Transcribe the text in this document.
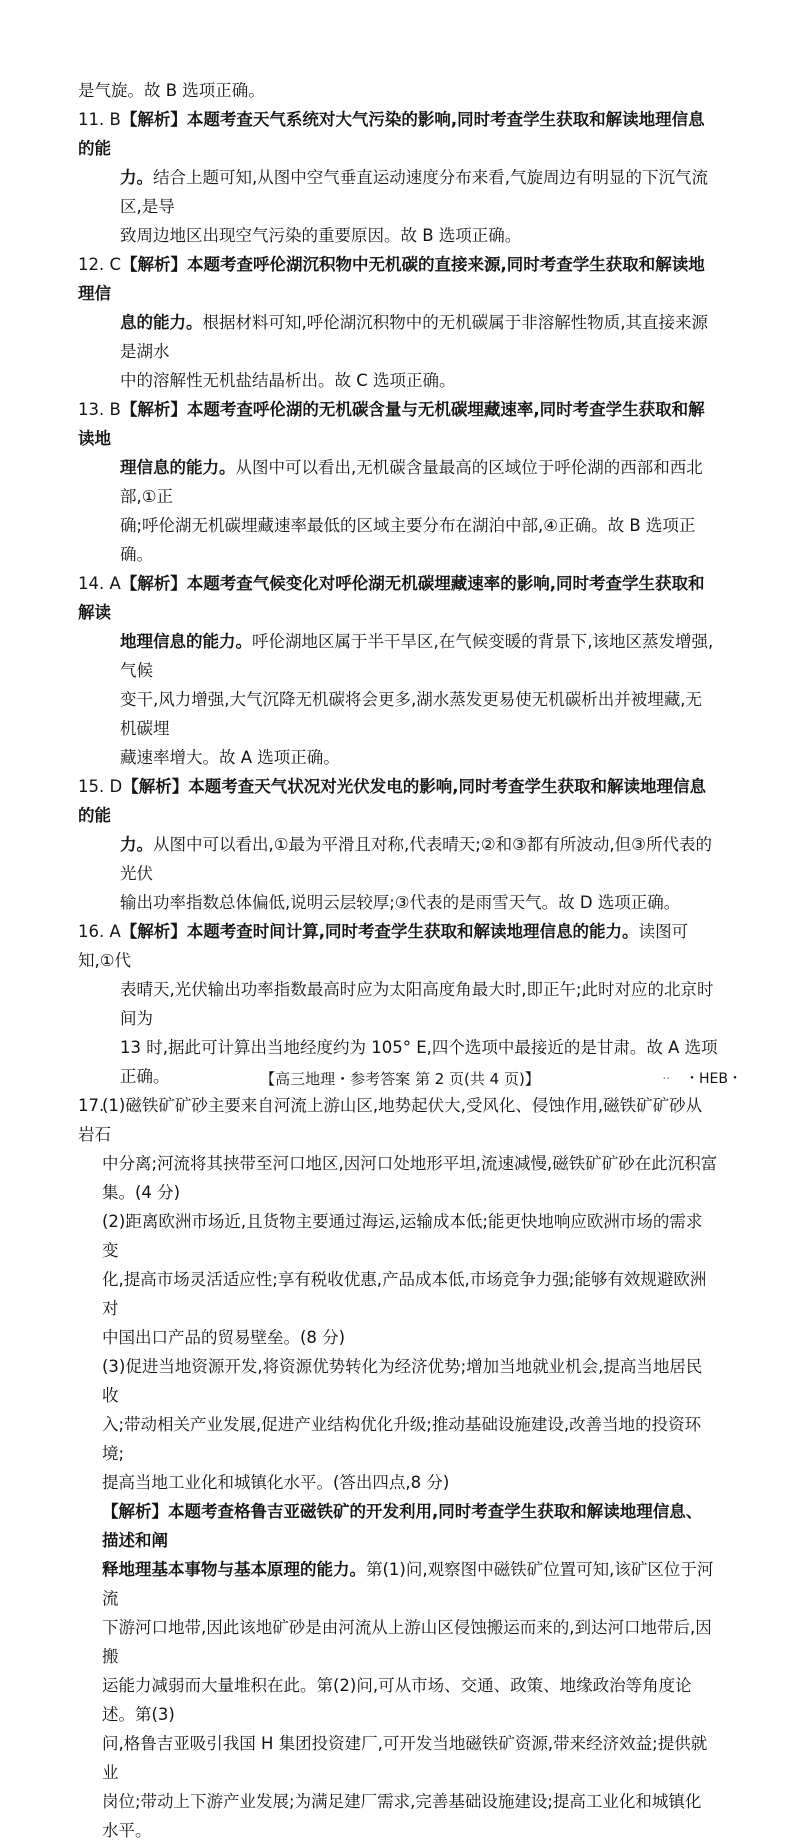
是气旋。故 B 选项正确。

11. B【解析】本题考查天气系统对大气污染的影响,同时考查学生获取和解读地理信息的能

力。结合上题可知,从图中空气垂直运动速度分布来看,气旋周边有明显的下沉气流区,是导

致周边地区出现空气污染的重要原因。故 B 选项正确。

12. C【解析】本题考查呼伦湖沉积物中无机碳的直接来源,同时考查学生获取和解读地理信

息的能力。根据材料可知,呼伦湖沉积物中的无机碳属于非溶解性物质,其直接来源是湖水

中的溶解性无机盐结晶析出。故 C 选项正确。

13. B【解析】本题考查呼伦湖的无机碳含量与无机碳埋藏速率,同时考查学生获取和解读地

理信息的能力。从图中可以看出,无机碳含量最高的区域位于呼伦湖的西部和西北部,①正

确;呼伦湖无机碳埋藏速率最低的区域主要分布在湖泊中部,④正确。故 B 选项正确。

14. A【解析】本题考查气候变化对呼伦湖无机碳埋藏速率的影响,同时考查学生获取和解读

地理信息的能力。呼伦湖地区属于半干旱区,在气候变暖的背景下,该地区蒸发增强,气候

变干,风力增强,大气沉降无机碳将会更多,湖水蒸发更易使无机碳析出并被埋藏,无机碳埋

藏速率增大。故 A 选项正确。

15. D【解析】本题考查天气状况对光伏发电的影响,同时考查学生获取和解读地理信息的能

力。从图中可以看出,①最为平滑且对称,代表晴天;②和③都有所波动,但③所代表的光伏

输出功率指数总体偏低,说明云层较厚;③代表的是雨雪天气。故 D 选项正确。

16. A【解析】本题考查时间计算,同时考查学生获取和解读地理信息的能力。读图可知,①代

表晴天,光伏输出功率指数最高时应为太阳高度角最大时,即正午;此时对应的北京时间为

13 时,据此可计算出当地经度约为 105° E,四个选项中最接近的是甘肃。故 A 选项正确。

17.(1)磁铁矿矿砂主要来自河流上游山区,地势起伏大,受风化、侵蚀作用,磁铁矿矿砂从岩石

中分离;河流将其挟带至河口地区,因河口处地形平坦,流速减慢,磁铁矿矿砂在此沉积富

集。(4 分)

(2)距离欧洲市场近,且货物主要通过海运,运输成本低;能更快地响应欧洲市场的需求变

化,提高市场灵活适应性;享有税收优惠,产品成本低,市场竞争力强;能够有效规避欧洲对

中国出口产品的贸易壁垒。(8 分)

(3)促进当地资源开发,将资源优势转化为经济优势;增加当地就业机会,提高当地居民收

入;带动相关产业发展,促进产业结构优化升级;推动基础设施建设,改善当地的投资环境;

提高当地工业化和城镇化水平。(答出四点,8 分)

【解析】本题考查格鲁吉亚磁铁矿的开发利用,同时考查学生获取和解读地理信息、描述和阐

释地理基本事物与基本原理的能力。第(1)问,观察图中磁铁矿位置可知,该矿区位于河流

下游河口地带,因此该地矿砂是由河流从上游山区侵蚀搬运而来的,到达河口地带后,因搬

运能力减弱而大量堆积在此。第(2)问,可从市场、交通、政策、地缘政治等角度论述。第(3)

问,格鲁吉亚吸引我国 H 集团投资建厂,可开发当地磁铁矿资源,带来经济效益;提供就业

岗位;带动上下游产业发展;为满足建厂需求,完善基础设施建设;提高工业化和城镇化

水平。

【高三地理・参考答案 第 2 页(共 4 页)】	.. ・HEB・
